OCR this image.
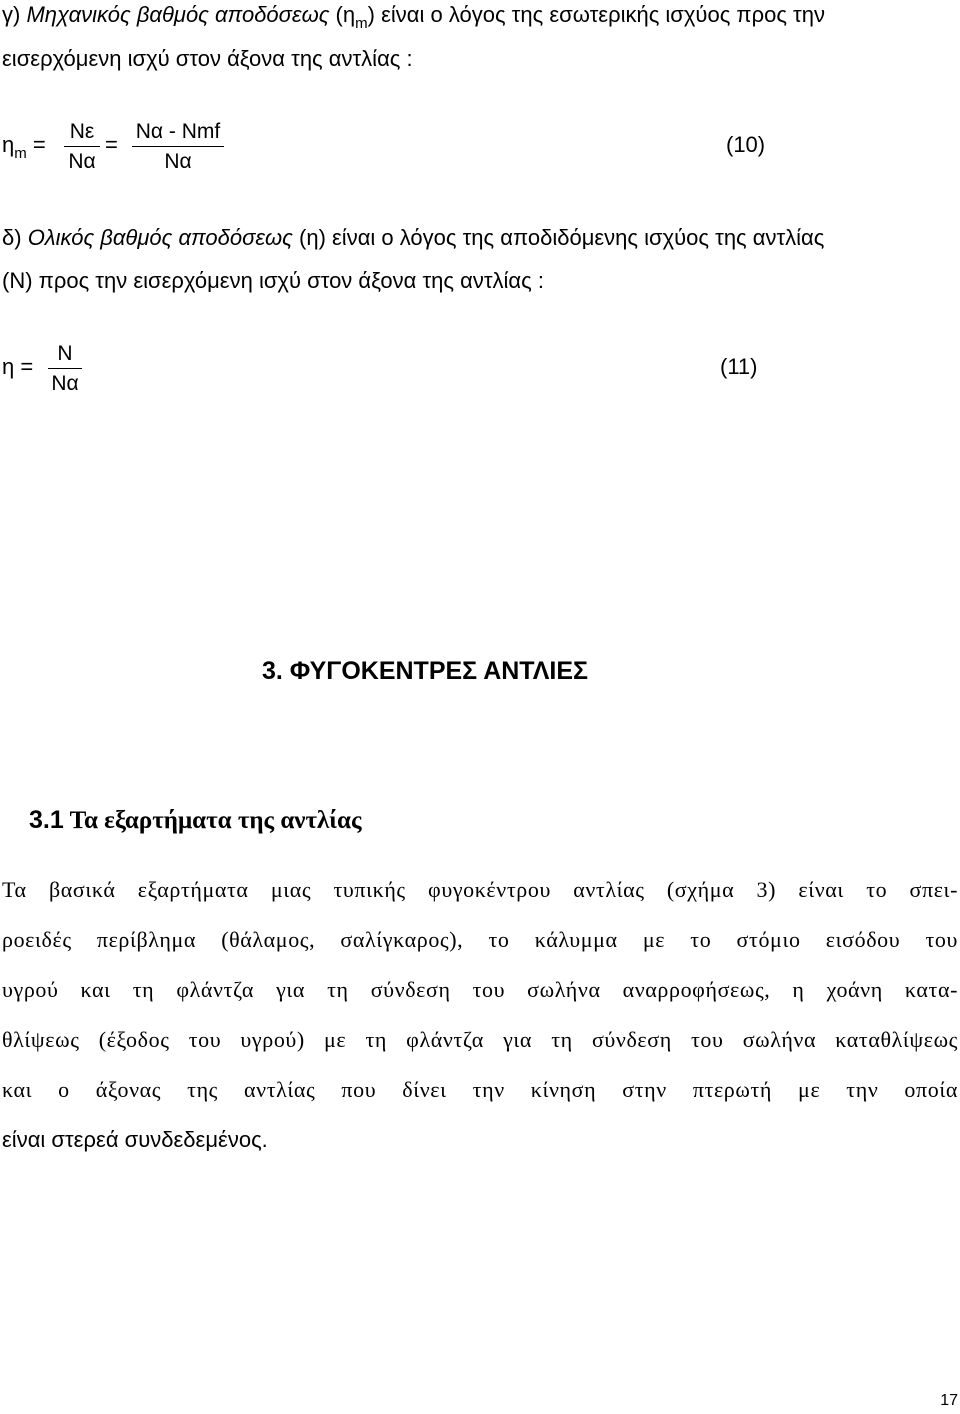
γ) Μηχανικός βαθμός αποδόσεως $(\eta_m)$ είναι ο λόγος της εσωτερικής ισχύος προς την
εισερχόμενη ισχύ στον άξονα της αντλίας :
$\eta_m$ =
Nε
Nα
=
Nα - Nmf
Nα
(10)
δ) Ολικός βαθμός αποδόσεως (η) είναι ο λόγος της αποδιδόμενης ισχύος της αντλίας
(N) προς την εισερχόμενη ισχύ στον άξονα της αντλίας :
η =
N
Nα
(11)
3. ΦΥΓΟΚΕΝΤΡΕΣ ΑΝΤΛΙΕΣ
3.1 Τα εξαρτήματα της αντλίας
Τα βασικά εξαρτήματα μιας τυπικής φυγοκέντρου αντλίας (σχήμα 3) είναι το σπει-
ροειδές περίβλημα (θάλαμος, σαλίγκαρος), το κάλυμμα με το στόμιο εισόδου του
υγρού και τη φλάντζα για τη σύνδεση του σωλήνα αναρροφήσεως, η χοάνη κατα-
θλίψεως (έξοδος του υγρού) με τη φλάντζα για τη σύνδεση του σωλήνα καταθλίψεως
και ο άξονας της αντλίας που δίνει την κίνηση στην πτερωτή με την οποία
είναι στερεά συνδεδεμένος.
17
